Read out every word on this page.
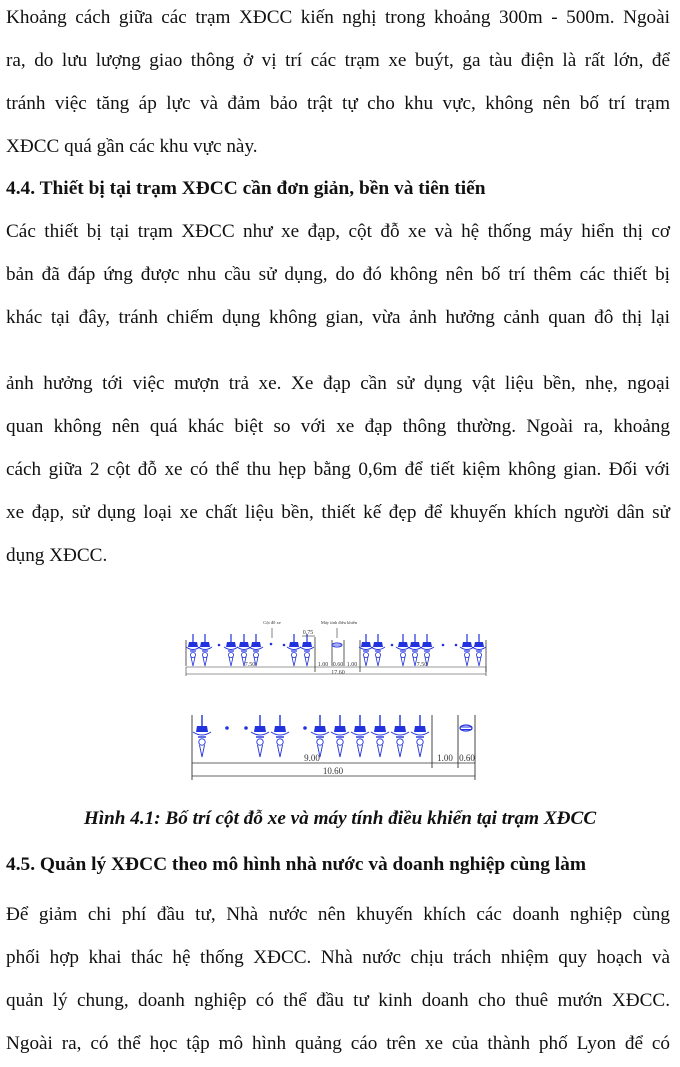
Khoảng cách giữa các trạm XĐCC kiến nghị trong khoảng 300m - 500m. Ngoài
ra, do lưu lượng giao thông ở vị trí các trạm xe buýt, ga tàu điện là rất lớn, để
tránh việc tăng áp lực và đảm bảo trật tự cho khu vực, không nên bố trí trạm
XĐCC quá gần các khu vực này.
4.4. Thiết bị tại trạm XĐCC cần đơn giản, bền và tiên tiến
Các thiết bị tại trạm XĐCC như xe đạp, cột đỗ xe và hệ thống máy hiển thị cơ
bản đã đáp ứng được nhu cầu sử dụng, do đó không nên bố trí thêm các thiết bị
khác tại đây, tránh chiếm dụng không gian, vừa ảnh hưởng cảnh quan đô thị lại
ảnh hưởng tới việc mượn trả xe. Xe đạp cần sử dụng vật liệu bền, nhẹ, ngoại
quan không nên quá khác biệt so với xe đạp thông thường. Ngoài ra, khoảng
cách giữa 2 cột đỗ xe có thể thu hẹp bằng 0,6m để tiết kiệm không gian. Đối với
xe đạp, sử dụng loại xe chất liệu bền, thiết kế đẹp để khuyến khích người dân sử
dụng XĐCC.
Cột đỗ xe	Máy tính điều khiển
0.75
7.50	1.00 0.60 1.00	7.50
17.60
9.00	1.00 0.60
10.60
Hình 4.1: Bố trí cột đỗ xe và máy tính điều khiển tại trạm XĐCC
4.5. Quản lý XĐCC theo mô hình nhà nước và doanh nghiệp cùng làm
Để giảm chi phí đầu tư, Nhà nước nên khuyến khích các doanh nghiệp cùng
phối hợp khai thác hệ thống XĐCC. Nhà nước chịu trách nhiệm quy hoạch và
quản lý chung, doanh nghiệp có thể đầu tư kinh doanh cho thuê mướn XĐCC.
Ngoài ra, có thể học tập mô hình quảng cáo trên xe của thành phố Lyon để có
